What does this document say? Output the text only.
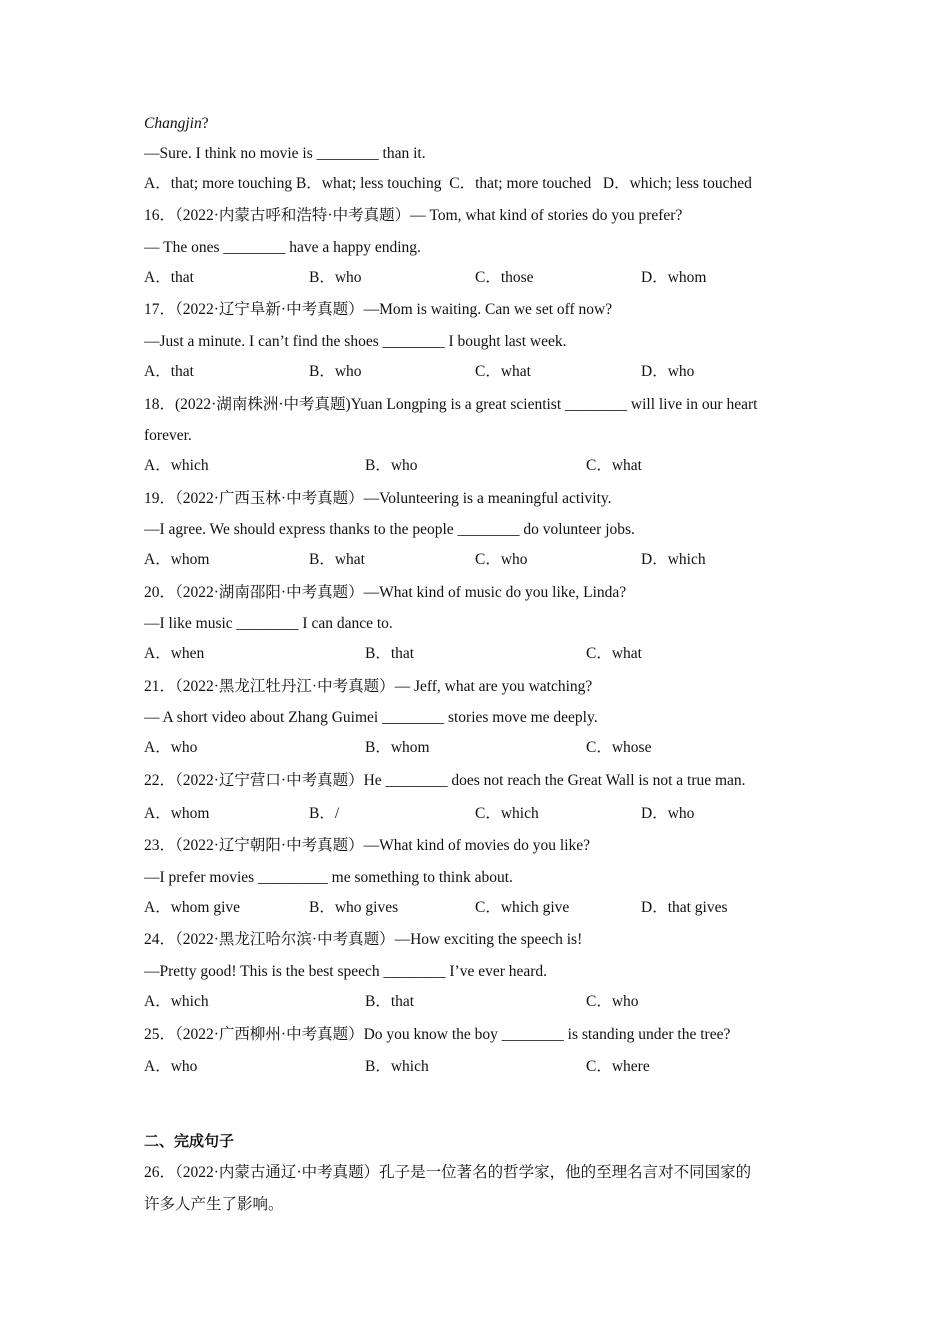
Changjin?
—Sure. I think no movie is ________ than it.
A．that; more touching B．what; less touching  C．that; more touched   D．which; less touched
16．（2022·内蒙古呼和浩特·中考真题）— Tom, what kind of stories do you prefer?
— The ones ________ have a happy ending.
A．that	B．who	C．those	D．whom
17．（2022·辽宁阜新·中考真题）—Mom is waiting. Can we set off now?
—Just a minute. I can’t find the shoes ________ I bought last week.
A．that	B．who	C．what	D．who
18．(2022·湖南株洲·中考真题)Yuan Longping is a great scientist ________ will live in our heart
forever.
A．which	B．who	C．what
19．（2022·广西玉林·中考真题）—Volunteering is a meaningful activity.
—I agree. We should express thanks to the people ________ do volunteer jobs.
A．whom	B．what	C．who	D．which
20．（2022·湖南邵阳·中考真题）—What kind of music do you like, Linda?
—I like music ________ I can dance to.
A．when	B．that	C．what
21．（2022·黑龙江牡丹江·中考真题）— Jeff, what are you watching?
— A short video about Zhang Guimei ________ stories move me deeply.
A．who	B．whom	C．whose
22．（2022·辽宁营口·中考真题）He ________ does not reach the Great Wall is not a true man.
A．whom	B．/	C．which	D．who
23．（2022·辽宁朝阳·中考真题）—What kind of movies do you like?
—I prefer movies _________ me something to think about.
A．whom give	B．who gives	C．which give	D．that gives
24．（2022·黑龙江哈尔滨·中考真题）—How exciting the speech is!
—Pretty good! This is the best speech ________ I’ve ever heard.
A．which	B．that	C．who
25．（2022·广西柳州·中考真题）Do you know the boy ________ is standing under the tree?
A．who	B．which	C．where
二、完成句子
26．（2022·内蒙古通辽·中考真题）孔子是一位著名的哲学家，他的至理名言对不同国家的
许多人产生了影响。
